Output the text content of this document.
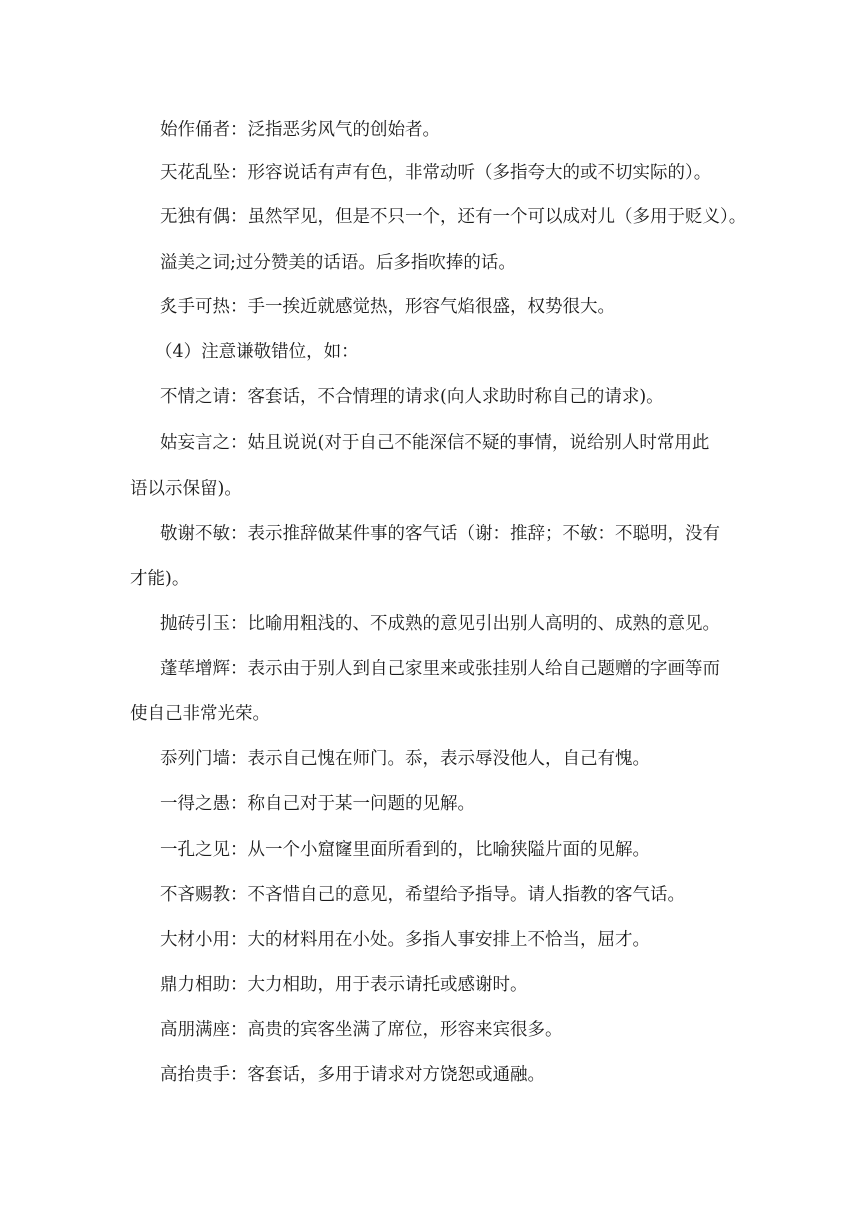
始作俑者：泛指恶劣风气的创始者。
天花乱坠：形容说话有声有色，非常动听（多指夸大的或不切实际的）。
无独有偶：虽然罕见，但是不只一个，还有一个可以成对儿（多用于贬义）。
溢美之词;过分赞美的话语。后多指吹捧的话。
炙手可热：手一挨近就感觉热，形容气焰很盛，权势很大。
（4）注意谦敬错位，如：
不情之请：客套话，不合情理的请求(向人求助时称自己的请求)。
姑妄言之：姑且说说(对于自己不能深信不疑的事情，说给别人时常用此
语以示保留)。
敬谢不敏：表示推辞做某件事的客气话（谢：推辞；不敏：不聪明，没有
才能)。
抛砖引玉：比喻用粗浅的、不成熟的意见引出别人高明的、成熟的意见。
蓬荜增辉：表示由于别人到自己家里来或张挂别人给自己题赠的字画等而
使自己非常光荣。
忝列门墙：表示自己愧在师门。忝，表示辱没他人，自己有愧。
一得之愚：称自己对于某一问题的见解。
一孔之见：从一个小窟窿里面所看到的，比喻狭隘片面的见解。
不吝赐教：不吝惜自己的意见，希望给予指导。请人指教的客气话。
大材小用：大的材料用在小处。多指人事安排上不恰当，屈才。
鼎力相助：大力相助，用于表示请托或感谢时。
高朋满座：高贵的宾客坐满了席位，形容来宾很多。
高抬贵手：客套话，多用于请求对方饶恕或通融。
